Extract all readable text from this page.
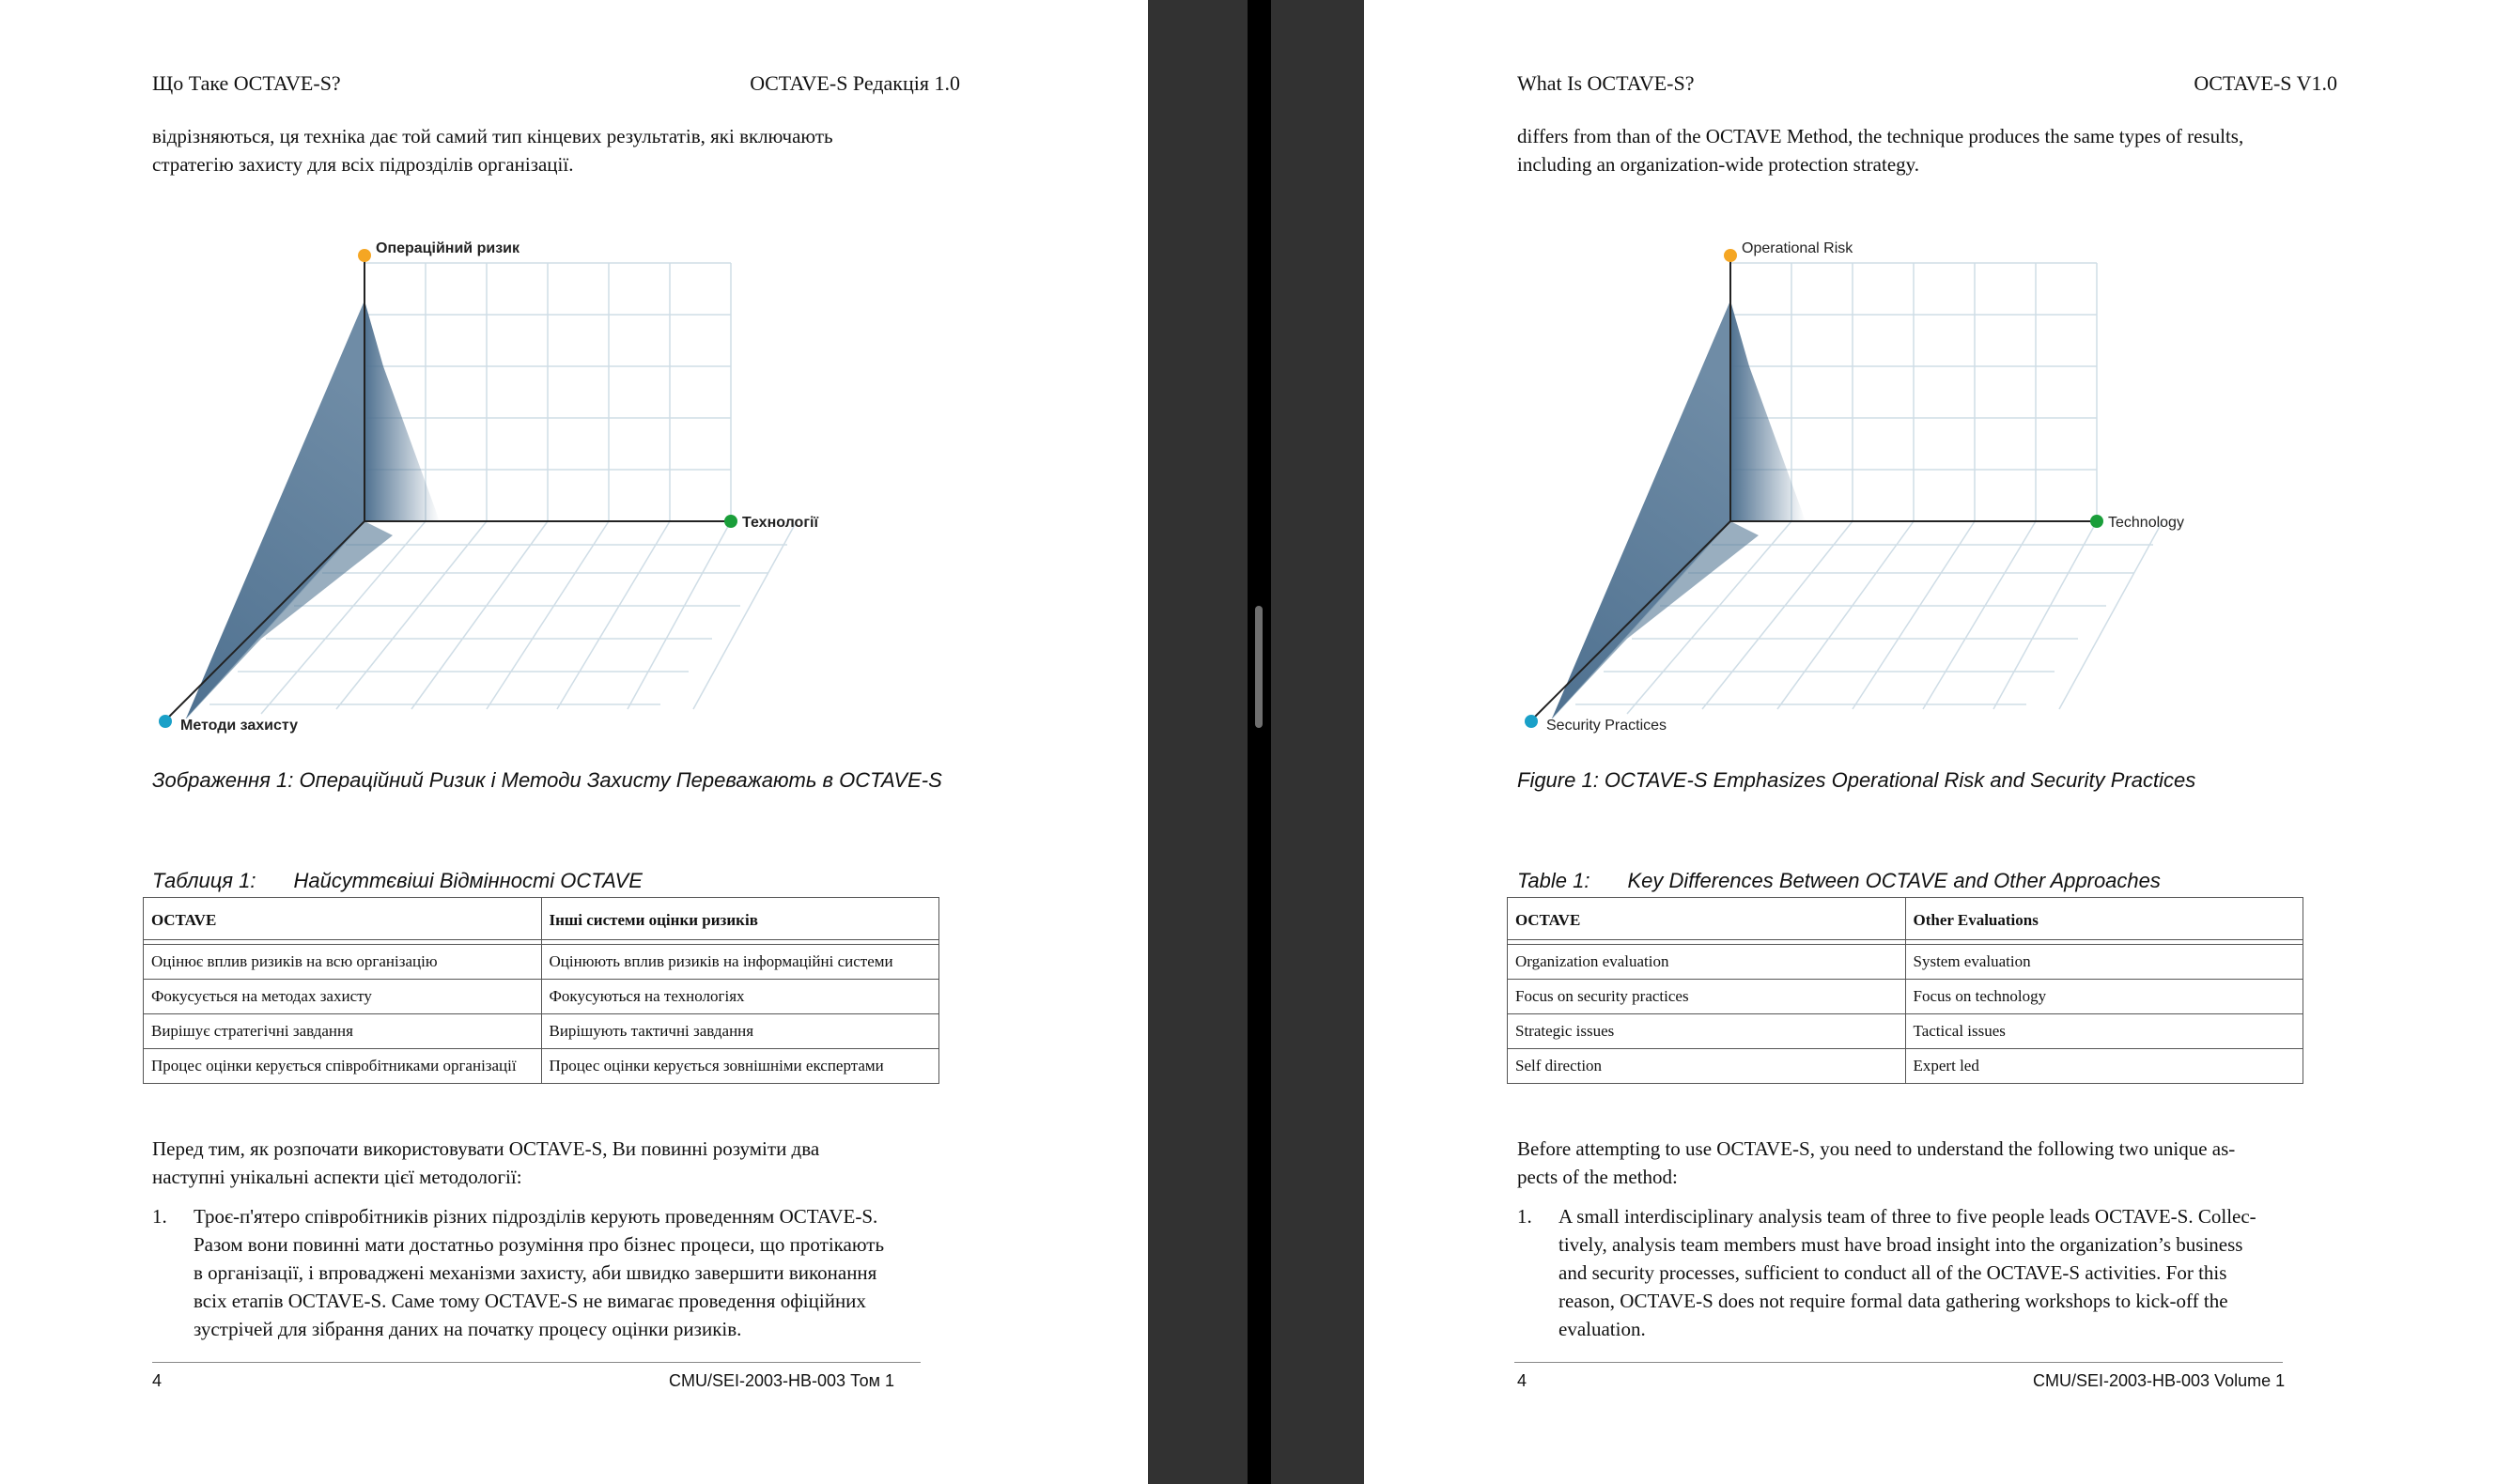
Що Таке OCTAVE-S?	OCTAVE-S Редакція 1.0
відрізняються, ця техніка дає той самий тип кінцевих результатів, які включають
стратегію захисту для всіх підрозділів організації.
Операційний ризик
Технології
Методи захисту
Зображення 1: Операційний Ризик і Методи Захисту Переважають в OCTAVE-S
Таблиця 1: Найсуттєвіші Відмінності OCTAVE
OCTAVE	Інші системи оцінки ризиків

Оцінює вплив ризиків на всю організацію	Оцінюють вплив ризиків на інформаційні системи
Фокусується на методах захисту	Фокусуються на технологіях
Вирішує стратегічні завдання	Вирішують тактичні завдання
Процес оцінки керується співробітниками організації	Процес оцінки керується зовнішніми експертами
Перед тим, як розпочати використовувати OCTAVE-S, Ви повинні розуміти два
наступні унікальні аспекти цієї методології:
1. Троє-п'ятеро співробітників різних підрозділів керують проведенням OCTAVE-S.
Разом вони повинні мати достатньо розуміння про бізнес процеси, що протікають
в організації, і впроваджені механізми захисту, аби швидко завершити виконання
всіх етапів OCTAVE-S. Саме тому OCTAVE-S не вимагає проведення офіційних
зустрічей для зібрання даних на початку процесу оцінки ризиків.
4	CMU/SEI-2003-HB-003 Том 1
What Is OCTAVE-S?	OCTAVE-S V1.0
differs from than of the OCTAVE Method, the technique produces the same types of results,
including an organization-wide protection strategy.
Operational Risk
Technology
Security Practices
Figure 1: OCTAVE-S Emphasizes Operational Risk and Security Practices
Table 1: Key Differences Between OCTAVE and Other Approaches
OCTAVE	Other Evaluations

Organization evaluation	System evaluation
Focus on security practices	Focus on technology
Strategic issues	Tactical issues
Self direction	Expert led
Before attempting to use OCTAVE-S, you need to understand the following two unique as-
pects of the method:
1. A small interdisciplinary analysis team of three to five people leads OCTAVE-S. Collec-
tively, analysis team members must have broad insight into the organization’s business
and security processes, sufficient to conduct all of the OCTAVE-S activities. For this
reason, OCTAVE-S does not require formal data gathering workshops to kick-off the
evaluation.
4	CMU/SEI-2003-HB-003 Volume 1
